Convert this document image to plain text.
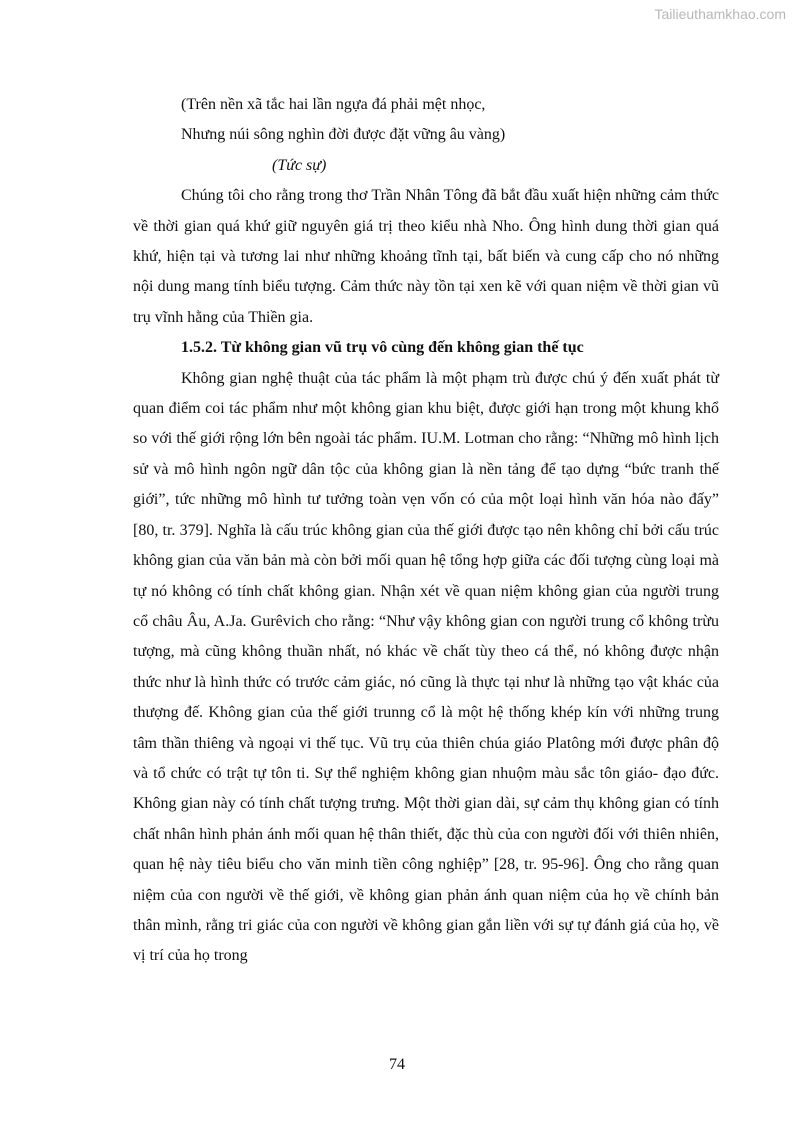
Tailieuthamkhao.com

(Trên nền xã tắc hai lần ngựa đá phải mệt nhọc,

Nhưng núi sông nghìn đời được đặt vững âu vàng)

(Tức sự)

Chúng tôi cho rằng trong thơ Trần Nhân Tông đã bắt đầu xuất hiện những cảm thức về thời gian quá khứ giữ nguyên giá trị theo kiểu nhà Nho. Ông hình dung thời gian quá khứ, hiện tại và tương lai như những khoảng tĩnh tại, bất biến và cung cấp cho nó những nội dung mang tính biểu tượng. Cảm thức này tồn tại xen kẽ với quan niệm về thời gian vũ trụ vĩnh hằng của Thiền gia.

1.5.2. Từ không gian vũ trụ vô cùng đến không gian thế tục

Không gian nghệ thuật của tác phẩm là một phạm trù được chú ý đến xuất phát từ quan điểm coi tác phẩm như một không gian khu biệt, được giới hạn trong một khung khổ so với thế giới rộng lớn bên ngoài tác phẩm. IU.M. Lotman cho rằng: “Những mô hình lịch sử và mô hình ngôn ngữ dân tộc của không gian là nền tảng để tạo dựng “bức tranh thế giới”, tức những mô hình tư tưởng toàn vẹn vốn có của một loại hình văn hóa nào đấy” [80, tr. 379]. Nghĩa là cấu trúc không gian của thế giới được tạo nên không chỉ bởi cấu trúc không gian của văn bản mà còn bởi mối quan hệ tổng hợp giữa các đối tượng cùng loại mà tự nó không có tính chất không gian. Nhận xét về quan niệm không gian của người trung cổ châu Âu, A.Ja. Gurêvich cho rằng: “Như vậy không gian con người trung cổ không trừu tượng, mà cũng không thuần nhất, nó khác về chất tùy theo cá thể, nó không được nhận thức như là hình thức có trước cảm giác, nó cũng là thực tại như là những tạo vật khác của thượng đế. Không gian của thế giới trunng cổ là một hệ thống khép kín với những trung tâm thần thiêng và ngoại vi thế tục. Vũ trụ của thiên chúa giáo Platông mới được phân độ và tổ chức có trật tự tôn ti. Sự thể nghiệm không gian nhuộm màu sắc tôn giáo- đạo đức. Không gian này có tính chất tượng trưng. Một thời gian dài, sự cảm thụ không gian có tính chất nhân hình phản ánh mối quan hệ thân thiết, đặc thù của con người đối với thiên nhiên, quan hệ này tiêu biểu cho văn minh tiền công nghiệp” [28, tr. 95-96]. Ông cho rằng quan niệm của con người về thế giới, về không gian phản ánh quan niệm của họ về chính bản thân mình, rằng tri giác của con người về không gian gắn liền với sự tự đánh giá của họ, về vị trí của họ trong

74
